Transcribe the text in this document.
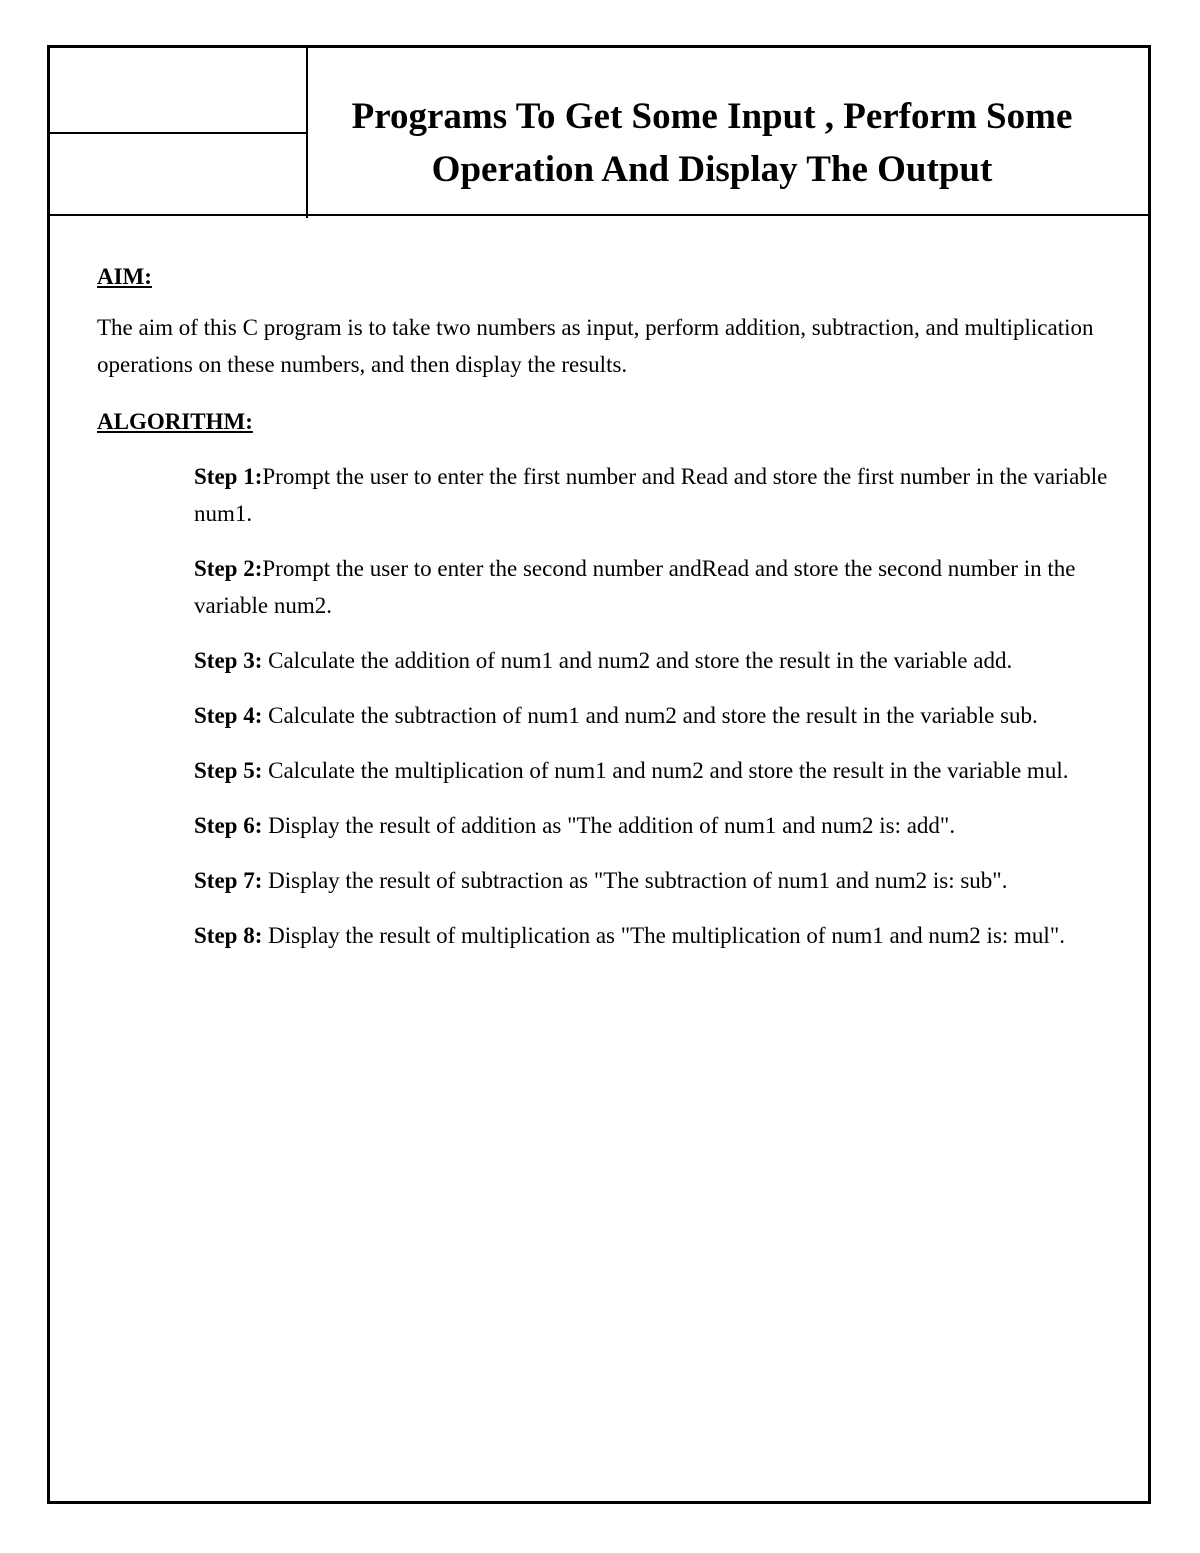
Programs To Get Some Input , Perform Some
Operation And Display The Output

AIM:

The aim of this C program is to take two numbers as input, perform addition, subtraction, and multiplication operations on these numbers, and then display the results.

ALGORITHM:

Step 1:Prompt the user to enter the first number and Read and store the first number in the variable num1.
Step 2:Prompt the user to enter the second number andRead and store the second number in the variable num2.
Step 3: Calculate the addition of num1 and num2 and store the result in the variable add.
Step 4: Calculate the subtraction of num1 and num2 and store the result in the variable sub.
Step 5: Calculate the multiplication of num1 and num2 and store the result in the variable mul.
Step 6: Display the result of addition as "The addition of num1 and num2 is: add".
Step 7: Display the result of subtraction as "The subtraction of num1 and num2 is: sub".
Step 8: Display the result of multiplication as "The multiplication of num1 and num2 is: mul".
